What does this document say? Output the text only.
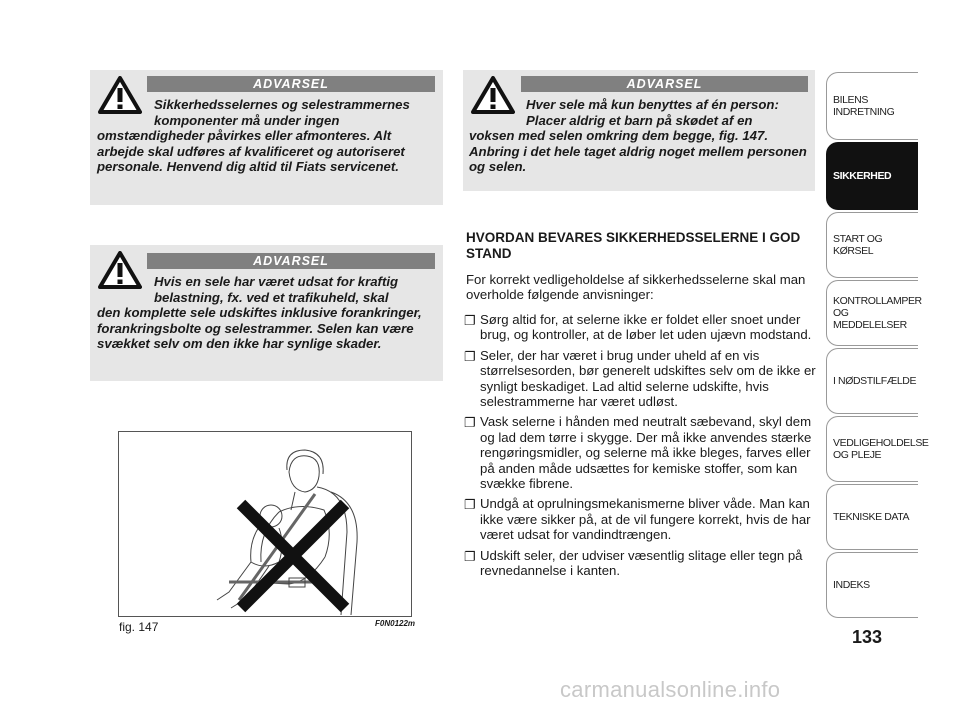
ADVARSEL
Sikkerhedsselernes og selestrammernes komponenter må under ingen
omstændigheder påvirkes eller afmonteres. Alt arbejde skal udføres af kvalificeret og autoriseret personale. Henvend dig altid til Fiats servicenet.
ADVARSEL
Hvis en sele har været udsat for kraftig belastning, fx. ved et trafikuheld, skal
den komplette sele udskiftes inklusive forankringer, forankringsbolte og selestrammer. Selen kan være svækket selv om den ikke har synlige skader.
ADVARSEL
Hver sele må kun benyttes af én person: Placer aldrig et barn på skødet af en
voksen med selen omkring dem begge, fig. 147. Anbring i det hele taget aldrig noget mellem personen og selen.
HVORDAN BEVARES SIKKERHEDSSELERNE I GOD STAND
For korrekt vedligeholdelse af sikkerhedsselerne skal man overholde følgende anvisninger:
❐ Sørg altid for, at selerne ikke er foldet eller snoet under brug, og kontroller, at de løber let uden ujævn modstand.
❐ Seler, der har været i brug under uheld af en vis størrelsesorden, bør generelt udskiftes selv om de ikke er synligt beskadiget. Lad altid selerne udskifte, hvis selestrammerne har været udløst.
❐ Vask selerne i hånden med neutralt sæbevand, skyl dem og lad dem tørre i skygge. Der må ikke anvendes stærke rengøringsmidler, og selerne må ikke bleges, farves eller på anden måde udsættes for kemiske stoffer, som kan svække fibrene.
❐ Undgå at oprulningsmekanismerne bliver våde. Man kan ikke være sikker på, at de vil fungere korrekt, hvis de har været udsat for vandindtrængen.
❐ Udskift seler, der udviser væsentlig slitage eller tegn på revnedannelse i kanten.
fig. 147	F0N0122m
BILENS INDRETNING
SIKKERHED
START OG KØRSEL
KONTROLLAMPER OG MEDDELELSER
I NØDSTILFÆLDE
VEDLIGEHOLDELSE OG PLEJE
TEKNISKE DATA
INDEKS
133
carmanualsonline.info
